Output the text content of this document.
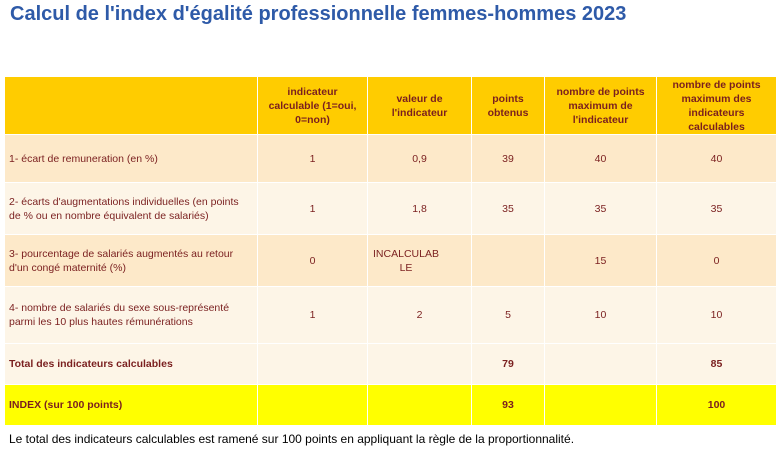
Calcul de l'index d'égalité professionnelle femmes-hommes 2023
	indicateur calculable (1=oui, 0=non)	valeur de l'indicateur	points obtenus	nombre de points maximum de l'indicateur	nombre de points maximum des indicateurs calculables
1- écart de remuneration (en %)	1	0,9	39	40	40
2- écarts d'augmentations individuelles (en points de % ou en nombre équivalent de salariés)	1	1,8	35	35	35
3- pourcentage de salariés augmentés au retour d'un congé maternité (%)	0	INCALCULABLE		15	0
4- nombre de salariés du sexe sous-représenté parmi les 10 plus hautes rémunérations	1	2	5	10	10
Total des indicateurs calculables			79		85
INDEX (sur 100 points)			93		100
Le total des indicateurs calculables est ramené sur 100 points en appliquant la règle de la proportionnalité.
